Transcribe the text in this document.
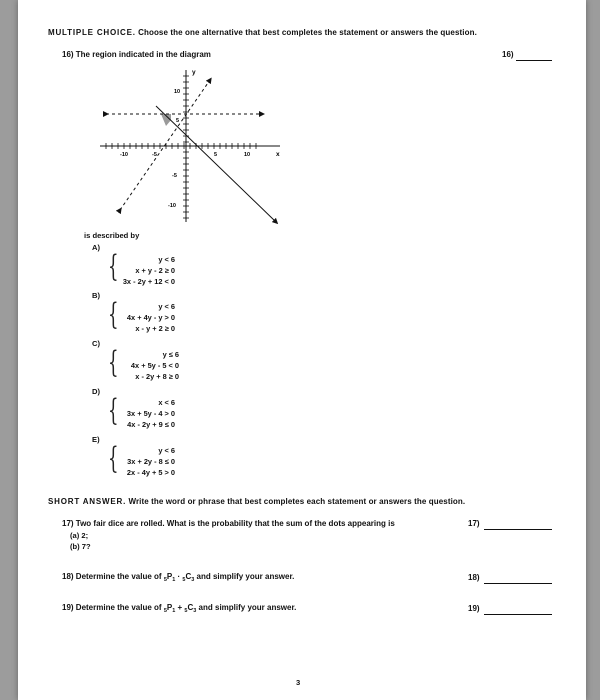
MULTIPLE CHOICE. Choose the one alternative that best completes the statement or answers the question.
16) The region indicated in the diagram	16)
y
x
10
5
-5
-10
-10	-5	5	10
is described by
A)
{	y < 6
x + y - 2 ≥ 0
3x - 2y + 12 < 0
B)
{	y < 6
4x + 4y - y > 0
x - y + 2 ≥ 0
C)
{	y ≤ 6
4x + 5y - 5 < 0
x - 2y + 8 ≥ 0
D)
{	x < 6
3x + 5y - 4 > 0
4x - 2y + 9 ≤ 0
E)
{	y < 6
3x + 2y - 8 ≤ 0
2x - 4y + 5 > 0
SHORT ANSWER. Write the word or phrase that best completes each statement or answers the question.
17) Two fair dice are rolled. What is the probability that the sum of the dots appearing is
(a) 2;
(b) 7?
17)
18) Determine the value of $_5P_1 \cdot _5C_3$ and simplify your answer.	18)
19) Determine the value of $_5P_1 + _5C_3$ and simplify your answer.	19)
3
